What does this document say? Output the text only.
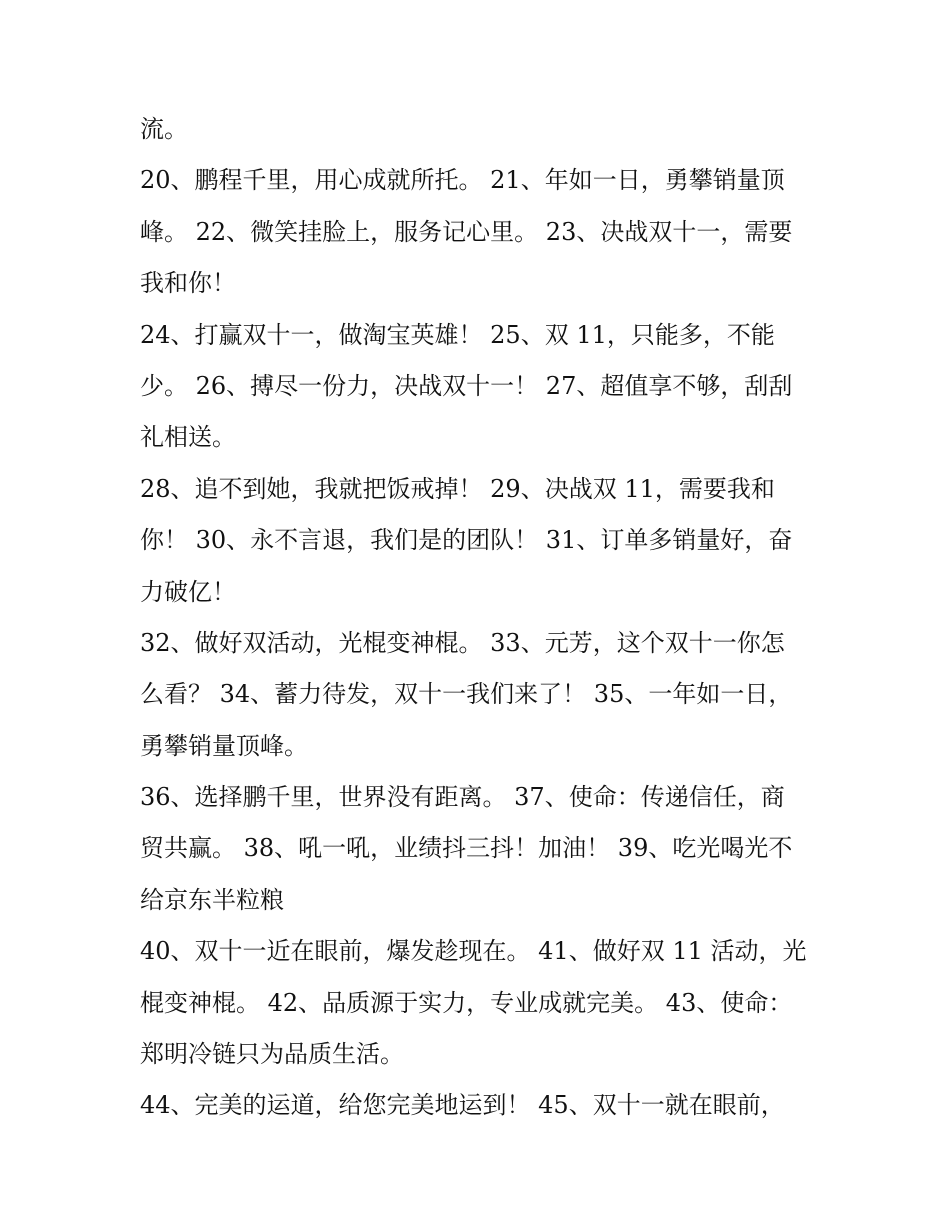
流。
20、鹏程千里，用心成就所托。 21、年如一日，勇攀销量顶
峰。 22、微笑挂脸上，服务记心里。 23、决战双十一，需要
我和你！
24、打赢双十一，做淘宝英雄！ 25、双 11，只能多，不能
少。 26、搏尽一份力，决战双十一！ 27、超值享不够，刮刮
礼相送。
28、追不到她，我就把饭戒掉！ 29、决战双 11，需要我和
你！ 30、永不言退，我们是的团队！ 31、订单多销量好，奋
力破亿！
32、做好双活动，光棍变神棍。 33、元芳，这个双十一你怎
么看？ 34、蓄力待发，双十一我们来了！ 35、一年如一日，
勇攀销量顶峰。
36、选择鹏千里，世界没有距离。 37、使命：传递信任，商
贸共赢。 38、吼一吼，业绩抖三抖！加油！ 39、吃光喝光不
给京东半粒粮
40、双十一近在眼前，爆发趁现在。 41、做好双 11 活动，光
棍变神棍。 42、品质源于实力，专业成就完美。 43、使命：
郑明冷链只为品质生活。
44、完美的运道，给您完美地运到！ 45、双十一就在眼前，
